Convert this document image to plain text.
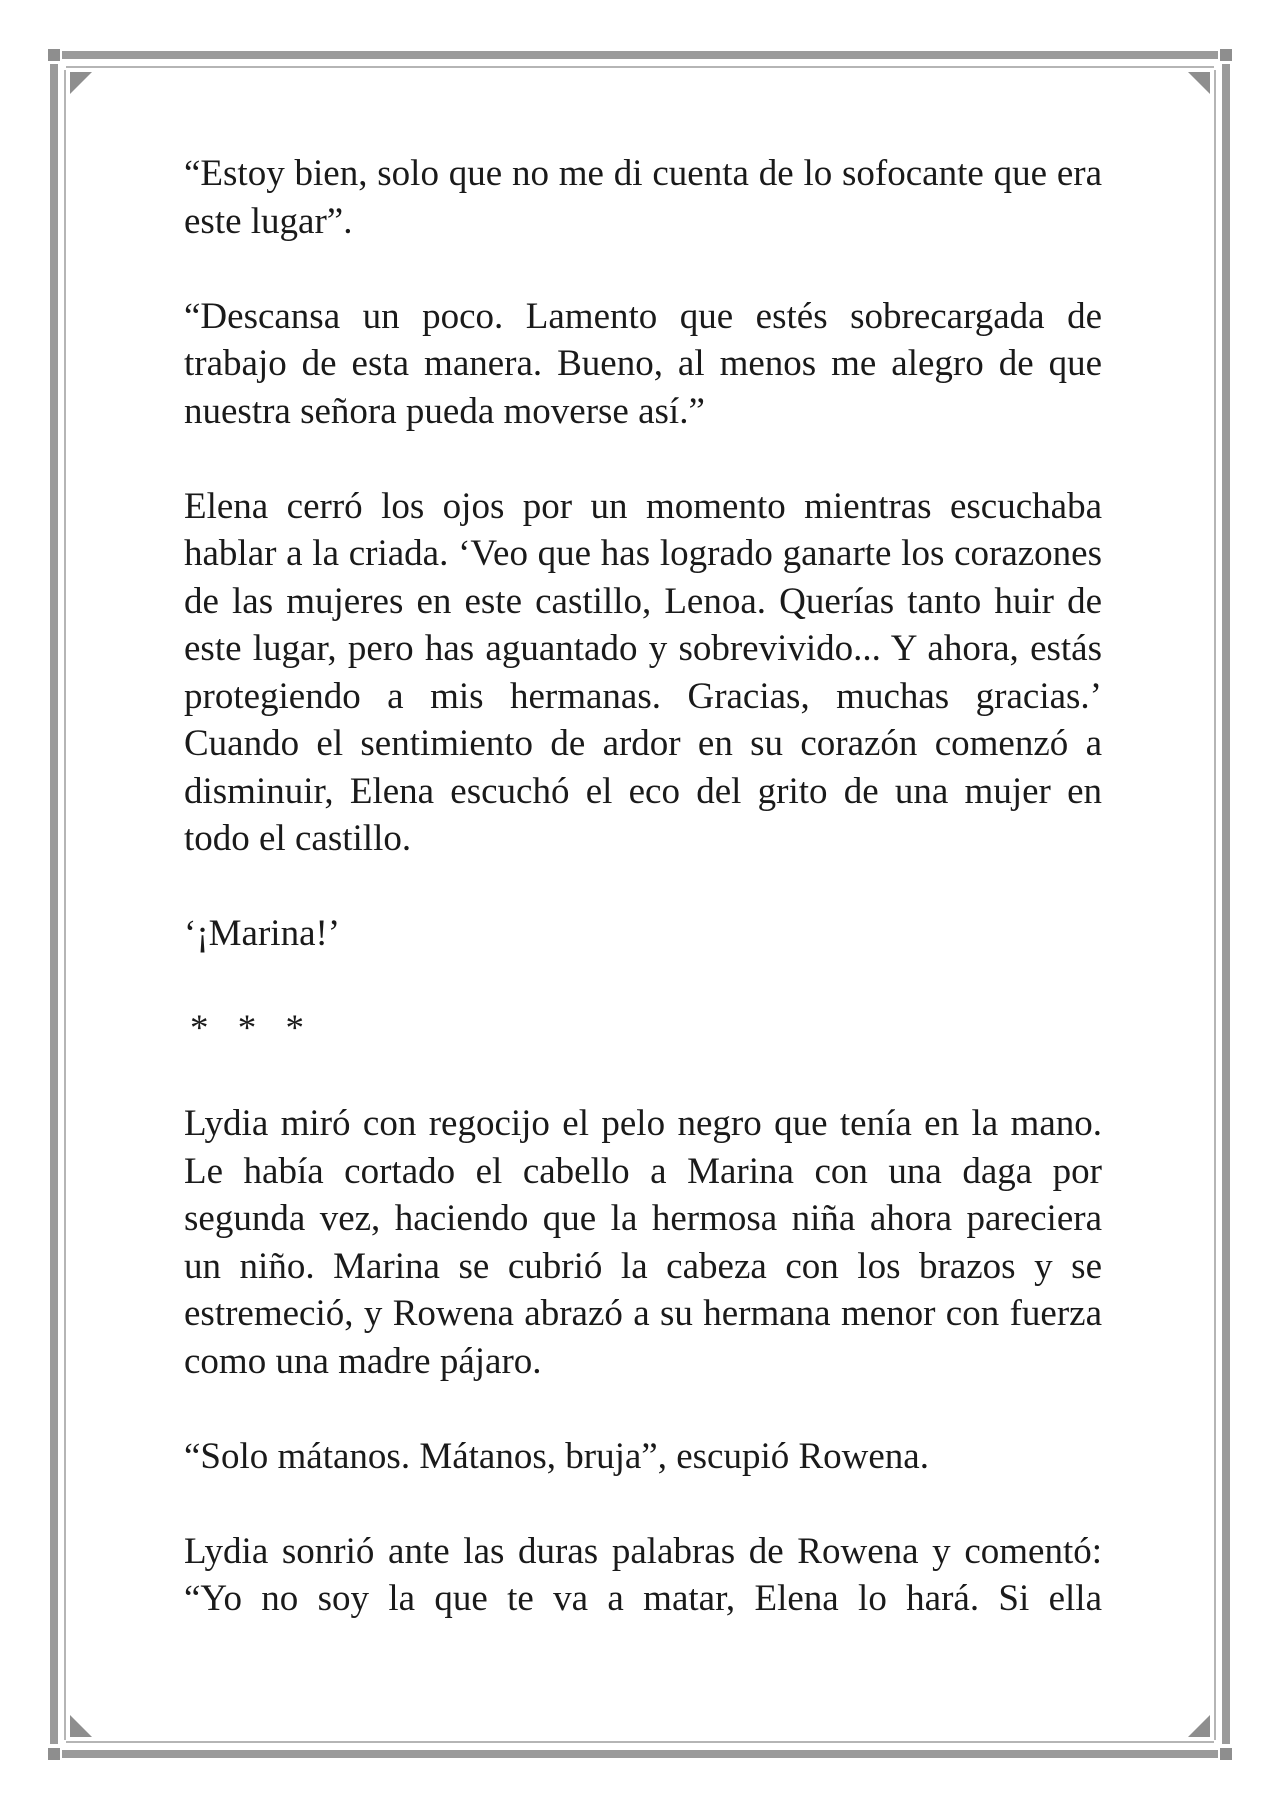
“Estoy bien, solo que no me di cuenta de lo sofocante que era este lugar”.

“Descansa un poco. Lamento que estés sobrecargada de trabajo de esta manera. Bueno, al menos me alegro de que nuestra señora pueda moverse así.”

Elena cerró los ojos por un momento mientras escuchaba hablar a la criada. ‘Veo que has logrado ganarte los corazones de las mujeres en este castillo, Lenoa. Querías tanto huir de este lugar, pero has aguantado y sobrevivido... Y ahora, estás protegiendo a mis hermanas. Gracias, muchas gracias.’ Cuando el sentimiento de ardor en su corazón comenzó a disminuir, Elena escuchó el eco del grito de una mujer en todo el castillo.

‘¡Marina!’

* * *

Lydia miró con regocijo el pelo negro que tenía en la mano. Le había cortado el cabello a Marina con una daga por segunda vez, haciendo que la hermosa niña ahora pareciera un niño. Marina se cubrió la cabeza con los brazos y se estremeció, y Rowena abrazó a su hermana menor con fuerza como una madre pájaro.

“Solo mátanos. Mátanos, bruja”, escupió Rowena.

Lydia sonrió ante las duras palabras de Rowena y comentó: “Yo no soy la que te va a matar, Elena lo hará. Si ella
